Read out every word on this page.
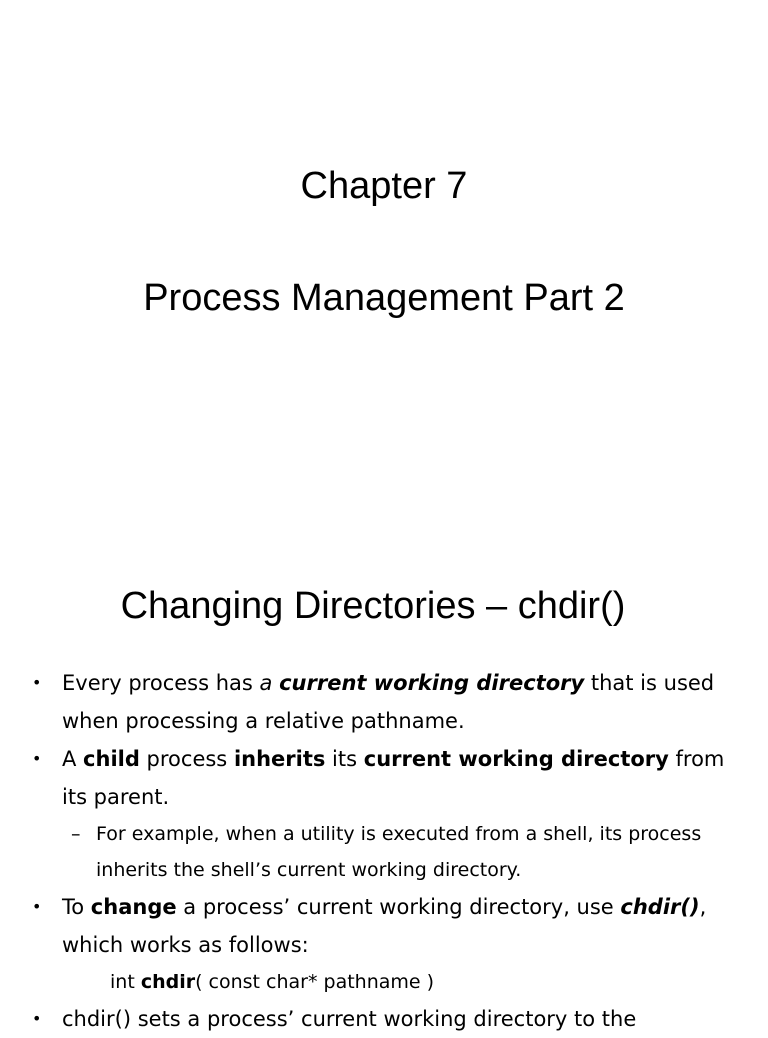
Chapter 7
Process Management Part 2
Changing Directories – chdir()

• Every process has a current working directory that is used when processing a relative pathname.

• A child process inherits its current working directory from its parent.

– For example, when a utility is executed from a shell, its process inherits the shell’s current working directory.

• To change a process’ current working directory, use chdir(), which works as follows:

int chdir( const char* pathname )

• chdir() sets a process’ current working directory to the
